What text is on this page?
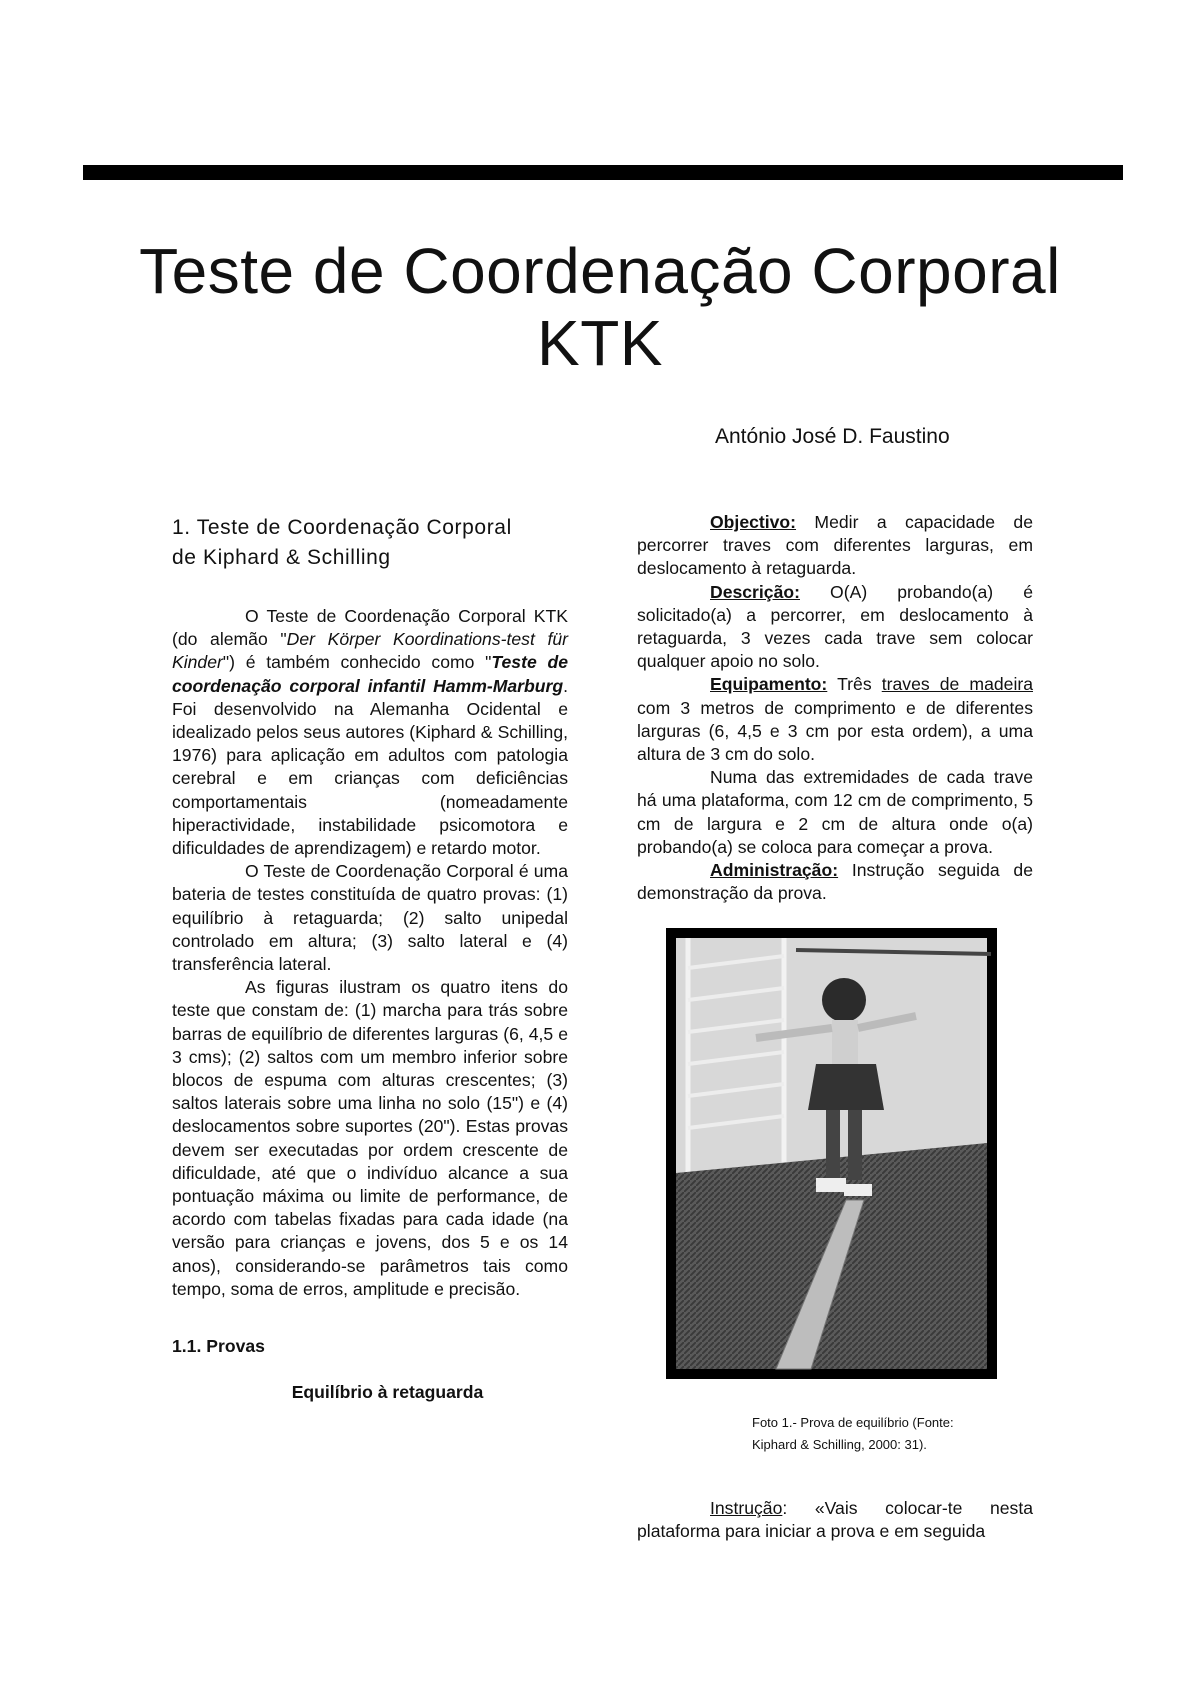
Teste de Coordenação Corporal
KTK
António José D. Faustino
1. Teste de Coordenação Corporal
de Kiphard & Schilling

O Teste de Coordenação Corporal KTK (do alemão "Der Körper Koordinations-test für Kinder") é também conhecido como "Teste de coordenação corporal infantil Hamm-Marburg. Foi desenvolvido na Alemanha Ocidental e idealizado pelos seus autores (Kiphard & Schilling, 1976) para aplicação em adultos com patologia cerebral e em crianças com deficiências comportamentais (nomeadamente hiperactividade, instabilidade psicomotora e dificuldades de aprendizagem) e retardo motor.

O Teste de Coordenação Corporal é uma bateria de testes constituída de quatro provas: (1) equilíbrio à retaguarda; (2) salto unipedal controlado em altura; (3) salto lateral e (4) transferência lateral.

As figuras ilustram os quatro itens do teste que constam de: (1) marcha para trás sobre barras de equilíbrio de diferentes larguras (6, 4,5 e 3 cms); (2) saltos com um membro inferior sobre blocos de espuma com alturas crescentes; (3) saltos laterais sobre uma linha no solo (15") e (4) deslocamentos sobre suportes (20"). Estas provas devem ser executadas por ordem crescente de dificuldade, até que o indivíduo alcance a sua pontuação máxima ou limite de performance, de acordo com tabelas fixadas para cada idade (na versão para crianças e jovens, dos 5 e os 14 anos), considerando-se parâmetros tais como tempo, soma de erros, amplitude e precisão.

1.1. Provas
Equilíbrio à retaguarda

Objectivo: Medir a capacidade de percorrer traves com diferentes larguras, em deslocamento à retaguarda.

Descrição: O(A) probando(a) é solicitado(a) a percorrer, em deslocamento à retaguarda, 3 vezes cada trave sem colocar qualquer apoio no solo.

Equipamento: Três traves de madeira com 3 metros de comprimento e de diferentes larguras (6, 4,5 e 3 cm por esta ordem), a uma altura de 3 cm do solo.

Numa das extremidades de cada trave há uma plataforma, com 12 cm de comprimento, 5 cm de largura e 2 cm de altura onde o(a) probando(a) se coloca para começar a prova.

Administração: Instrução seguida de demonstração da prova.

Foto 1.- Prova de equilíbrio (Fonte:
Kiphard & Schilling, 2000: 31).

Instrução: «Vais colocar-te nesta plataforma para iniciar a prova e em seguida
